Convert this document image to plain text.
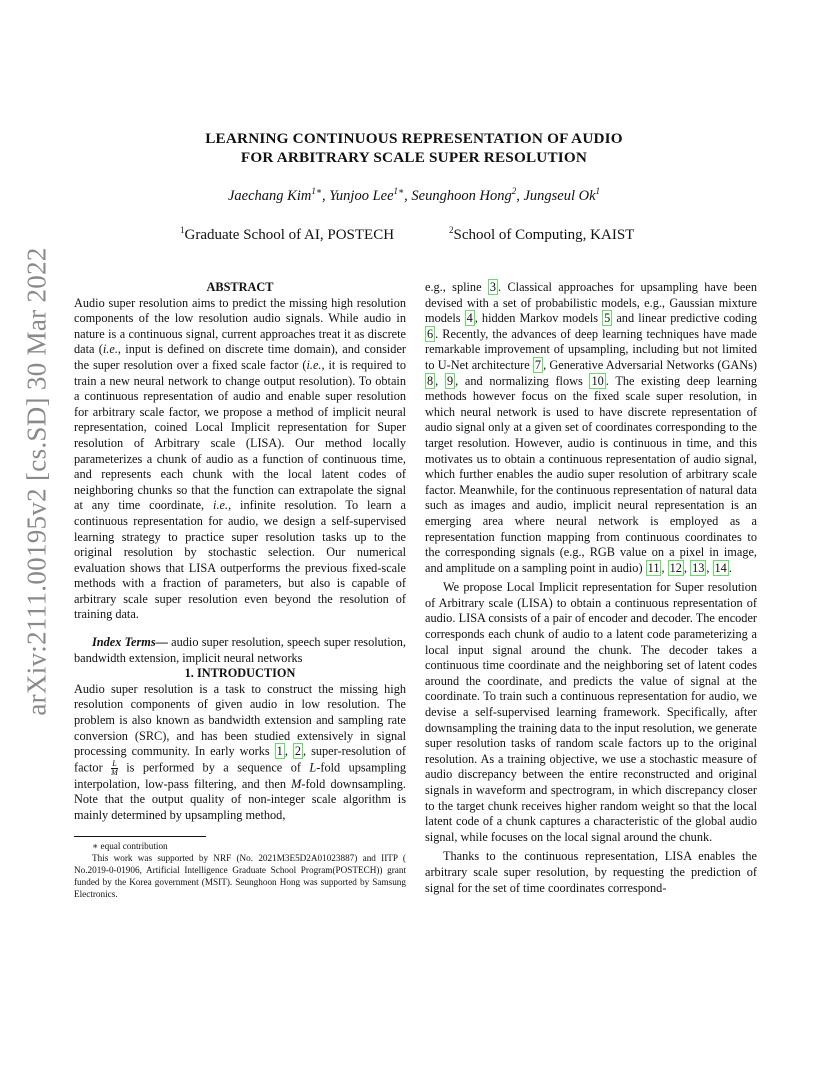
arXiv:2111.00195v2 [cs.SD] 30 Mar 2022
LEARNING CONTINUOUS REPRESENTATION OF AUDIO
FOR ARBITRARY SCALE SUPER RESOLUTION
Jaechang Kim$^{1∗}$, Yunjoo Lee$^{1∗}$, Seunghoon Hong$^2$, Jungseul Ok$^1$
$^1$Graduate School of AI, POSTECH	$^2$School of Computing, KAIST

ABSTRACT

Audio super resolution aims to predict the missing high resolution components of the low resolution audio signals. While audio in nature is a continuous signal, current approaches treat it as discrete data (i.e., input is defined on discrete time domain), and consider the super resolution over a fixed scale factor (i.e., it is required to train a new neural network to change output resolution). To obtain a continuous representation of audio and enable super resolution for arbitrary scale factor, we propose a method of implicit neural representation, coined Local Implicit representation for Super resolution of Arbitrary scale (LISA). Our method locally parameterizes a chunk of audio as a function of continuous time, and represents each chunk with the local latent codes of neighboring chunks so that the function can extrapolate the signal at any time coordinate, i.e., infinite resolution. To learn a continuous representation for audio, we design a self-supervised learning strategy to practice super resolution tasks up to the original resolution by stochastic selection. Our numerical evaluation shows that LISA outperforms the previous fixed-scale methods with a fraction of parameters, but also is capable of arbitrary scale super resolution even beyond the resolution of training data.

Index Terms— audio super resolution, speech super resolution, bandwidth extension, implicit neural networks

1. INTRODUCTION

Audio super resolution is a task to construct the missing high resolution components of given audio in low resolution. The problem is also known as bandwidth extension and sampling rate conversion (SRC), and has been studied extensively in signal processing community. In early works 1 , 2 , super-resolution of factor $\frac{L}{M}$ is performed by a sequence of L-fold upsampling interpolation, low-pass filtering, and then M-fold downsampling. Note that the output quality of non-integer scale algorithm is mainly determined by upsampling method,

∗ equal contribution

This work was supported by NRF (No. 2021M3E5D2A01023887) and IITP ( No.2019-0-01906, Artificial Intelligence Graduate School Program(POSTECH)) grant funded by the Korea government (MSIT). Seunghoon Hong was supported by Samsung Electronics.

e.g., spline 3 . Classical approaches for upsampling have been devised with a set of probabilistic models, e.g., Gaussian mixture models 4 , hidden Markov models 5 and linear predictive coding 6 . Recently, the advances of deep learning techniques have made remarkable improvement of upsampling, including but not limited to U-Net architecture 7 , Generative Adversarial Networks (GANs) 8 , 9 , and normalizing flows 10 . The existing deep learning methods however focus on the fixed scale super resolution, in which neural network is used to have discrete representation of audio signal only at a given set of coordinates corresponding to the target resolution. However, audio is continuous in time, and this motivates us to obtain a continuous representation of audio signal, which further enables the audio super resolution of arbitrary scale factor. Meanwhile, for the continuous representation of natural data such as images and audio, implicit neural representation is an emerging area where neural network is employed as a representation function mapping from continuous coordinates to the corresponding signals (e.g., RGB value on a pixel in image, and amplitude on a sampling point in audio) 11 , 12 , 13 , 14 .

We propose Local Implicit representation for Super resolution of Arbitrary scale (LISA) to obtain a continuous representation of audio. LISA consists of a pair of encoder and decoder. The encoder corresponds each chunk of audio to a latent code parameterizing a local input signal around the chunk. The decoder takes a continuous time coordinate and the neighboring set of latent codes around the coordinate, and predicts the value of signal at the coordinate. To train such a continuous representation for audio, we devise a self-supervised learning framework. Specifically, after downsampling the training data to the input resolution, we generate super resolution tasks of random scale factors up to the original resolution. As a training objective, we use a stochastic measure of audio discrepancy between the entire reconstructed and original signals in waveform and spectrogram, in which discrepancy closer to the target chunk receives higher random weight so that the local latent code of a chunk captures a characteristic of the global audio signal, while focuses on the local signal around the chunk.

Thanks to the continuous representation, LISA enables the arbitrary scale super resolution, by requesting the prediction of signal for the set of time coordinates correspond-
